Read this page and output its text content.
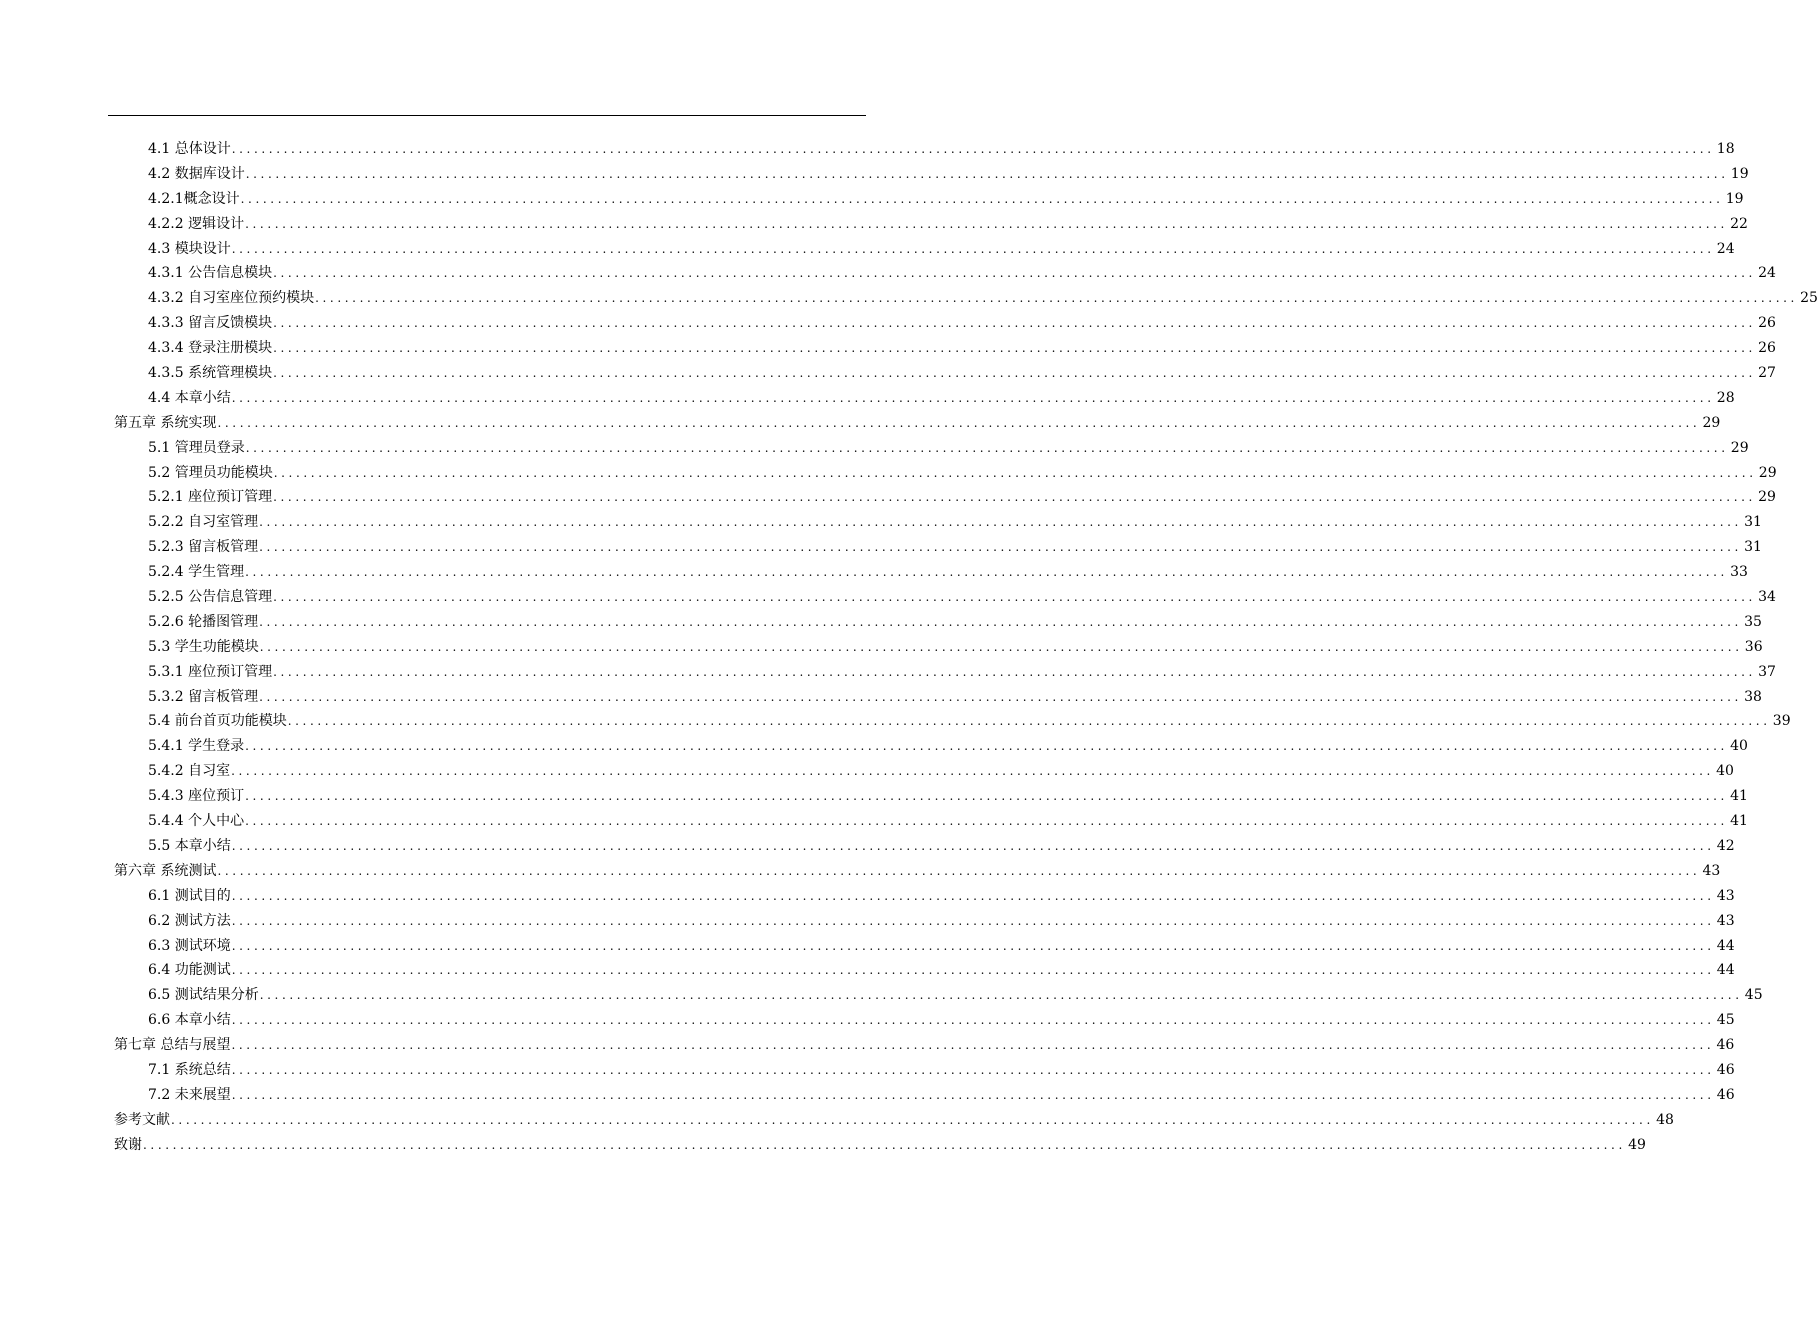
4.1 总体设计 ........................................................................................................................................................................................................ 18
4.2 数据库设计 ........................................................................................................................................................................................................ 19
4.2.1概念设计 ........................................................................................................................................................................................................ 19
4.2.2 逻辑设计 ........................................................................................................................................................................................................ 22
4.3 模块设计 ........................................................................................................................................................................................................ 24
4.3.1 公告信息模块 ........................................................................................................................................................................................................ 24
4.3.2 自习室座位预约模块 ........................................................................................................................................................................................................ 25
4.3.3 留言反馈模块 ........................................................................................................................................................................................................ 26
4.3.4 登录注册模块 ........................................................................................................................................................................................................ 26
4.3.5 系统管理模块 ........................................................................................................................................................................................................ 27
4.4 本章小结 ........................................................................................................................................................................................................ 28
第五章 系统实现 ........................................................................................................................................................................................................ 29
5.1 管理员登录 ........................................................................................................................................................................................................ 29
5.2 管理员功能模块 ........................................................................................................................................................................................................ 29
5.2.1 座位预订管理 ........................................................................................................................................................................................................ 29
5.2.2 自习室管理 ........................................................................................................................................................................................................ 31
5.2.3 留言板管理 ........................................................................................................................................................................................................ 31
5.2.4 学生管理 ........................................................................................................................................................................................................ 33
5.2.5 公告信息管理 ........................................................................................................................................................................................................ 34
5.2.6 轮播图管理 ........................................................................................................................................................................................................ 35
5.3 学生功能模块 ........................................................................................................................................................................................................ 36
5.3.1 座位预订管理 ........................................................................................................................................................................................................ 37
5.3.2 留言板管理 ........................................................................................................................................................................................................ 38
5.4 前台首页功能模块 ........................................................................................................................................................................................................ 39
5.4.1 学生登录 ........................................................................................................................................................................................................ 40
5.4.2 自习室 ........................................................................................................................................................................................................ 40
5.4.3 座位预订 ........................................................................................................................................................................................................ 41
5.4.4 个人中心 ........................................................................................................................................................................................................ 41
5.5 本章小结 ........................................................................................................................................................................................................ 42
第六章 系统测试 ........................................................................................................................................................................................................ 43
6.1 测试目的 ........................................................................................................................................................................................................ 43
6.2 测试方法 ........................................................................................................................................................................................................ 43
6.3 测试环境 ........................................................................................................................................................................................................ 44
6.4 功能测试 ........................................................................................................................................................................................................ 44
6.5 测试结果分析 ........................................................................................................................................................................................................ 45
6.6 本章小结 ........................................................................................................................................................................................................ 45
第七章 总结与展望 ........................................................................................................................................................................................................ 46
7.1 系统总结 ........................................................................................................................................................................................................ 46
7.2 未来展望 ........................................................................................................................................................................................................ 46
参考文献 ........................................................................................................................................................................................................ 48
致谢 ........................................................................................................................................................................................................ 49
